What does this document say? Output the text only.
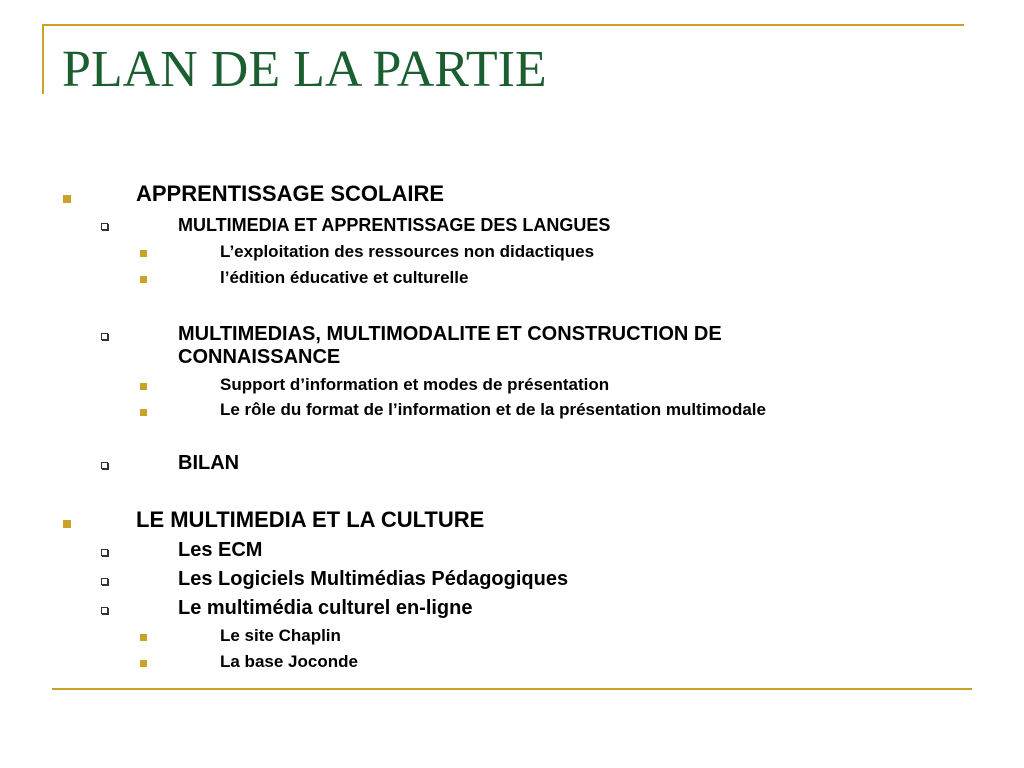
PLAN DE LA PARTIE
APPRENTISSAGE SCOLAIRE
MULTIMEDIA ET APPRENTISSAGE DES LANGUES
L’exploitation des ressources non didactiques
l’édition éducative et culturelle
MULTIMEDIAS, MULTIMODALITE ET CONSTRUCTION DE
CONNAISSANCE
Support d’information et modes de présentation
Le rôle du format de l’information et de la présentation multimodale
BILAN
LE MULTIMEDIA ET LA CULTURE
Les ECM
Les Logiciels Multimédias Pédagogiques
Le multimédia culturel en-ligne
Le site Chaplin
La base Joconde
